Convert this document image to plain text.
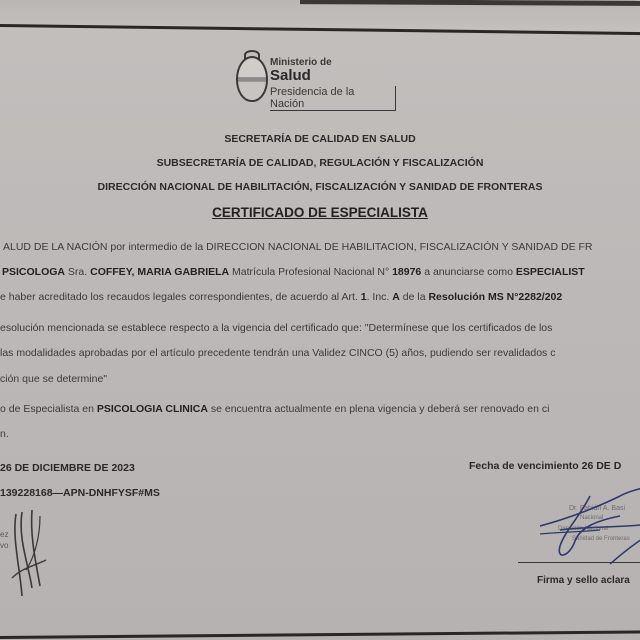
Ministerio de
Salud
Presidencia de la Nación
SECRETARÍA DE CALIDAD EN SALUD
SUBSECRETARÍA DE CALIDAD, REGULACIÓN Y FISCALIZACIÓN
DIRECCIÓN NACIONAL DE HABILITACIÓN, FISCALIZACIÓN Y SANIDAD DE FRONTERAS
CERTIFICADO DE ESPECIALISTA
ALUD DE LA NACIÓN por intermedio de la DIRECCION NACIONAL DE HABILITACION, FISCALIZACIÓN Y SANIDAD DE FR
PSICOLOGA Sra. COFFEY, MARIA GABRIELA Matrícula Profesional Nacional N° 18976 a anunciarse como ESPECIALIST
e haber acreditado los recaudos legales correspondientes, de acuerdo al Art. 1. Inc. A de la Resolución MS N°2282/202
esolución mencionada se establece respecto a la vigencia del certificado que: "Determínese que los certificados de los
las modalidades aprobadas por el artículo precedente tendrán una Validez CINCO (5) años, pudiendo ser revalidados c
ción que se determine"
o de Especialista en PSICOLOGIA CLINICA se encuentra actualmente en plena vigencia y deberá ser renovado en ci
n.
26 DE DICIEMBRE DE 2023
139228168—APN-DNHFYSF#MS
Fecha de vencimiento 26 DE D
ez
vo
Dr. Fabián A. Basi
Nacional
Dirección Nacional
Sanidad de Fronteras
Firma y sello aclara
